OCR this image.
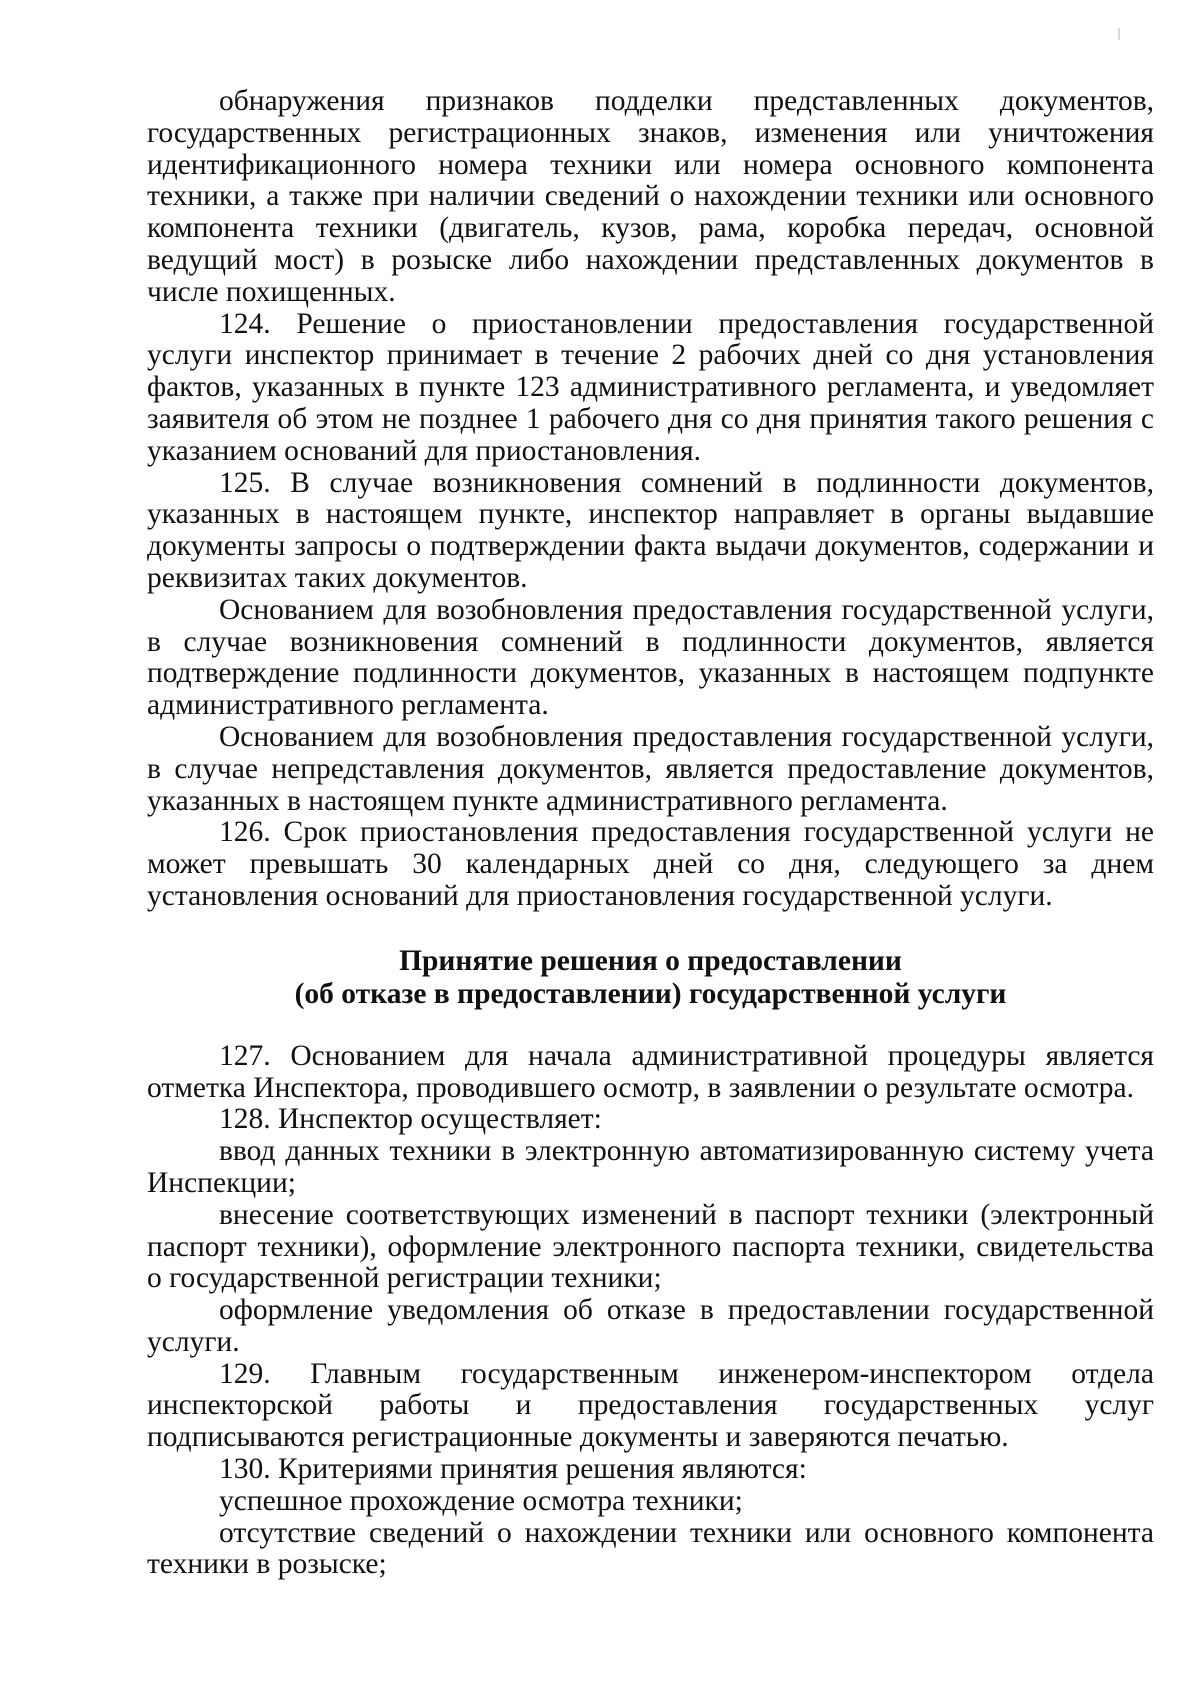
обнаружения признаков подделки представленных документов, государственных регистрационных знаков, изменения или уничтожения идентификационного номера техники или номера основного компонента техники, а также при наличии сведений о нахождении техники или основного компонента техники (двигатель, кузов, рама, коробка передач, основной ведущий мост) в розыске либо нахождении представленных документов в числе похищенных.

124. Решение о приостановлении предоставления государственной услуги инспектор принимает в течение 2 рабочих дней со дня установления фактов, указанных в пункте 123 административного регламента, и уведомляет заявителя об этом не позднее 1 рабочего дня со дня принятия такого решения с указанием оснований для приостановления.

125. В случае возникновения сомнений в подлинности документов, указанных в настоящем пункте, инспектор направляет в органы выдавшие документы запросы о подтверждении факта выдачи документов, содержании и реквизитах таких документов.

Основанием для возобновления предоставления государственной услуги, в случае возникновения сомнений в подлинности документов, является подтверждение подлинности документов, указанных в настоящем подпункте административного регламента.

Основанием для возобновления предоставления государственной услуги, в случае непредставления документов, является предоставление документов, указанных в настоящем пункте административного регламента.

126. Срок приостановления предоставления государственной услуги не может превышать 30 календарных дней со дня, следующего за днем установления оснований для приостановления государственной услуги.

Принятие решения о предоставлении
(об отказе в предоставлении) государственной услуги

127. Основанием для начала административной процедуры является отметка Инспектора, проводившего осмотр, в заявлении о результате осмотра.

128. Инспектор осуществляет:

ввод данных техники в электронную автоматизированную систему учета Инспекции;

внесение соответствующих изменений в паспорт техники (электронный паспорт техники), оформление электронного паспорта техники, свидетельства о государственной регистрации техники;

оформление уведомления об отказе в предоставлении государственной услуги.

129. Главным государственным инженером-инспектором отдела инспекторской работы и предоставления государственных услуг подписываются регистрационные документы и заверяются печатью.

130. Критериями принятия решения являются:

успешное прохождение осмотра техники;

отсутствие сведений о нахождении техники или основного компонента техники в розыске;
